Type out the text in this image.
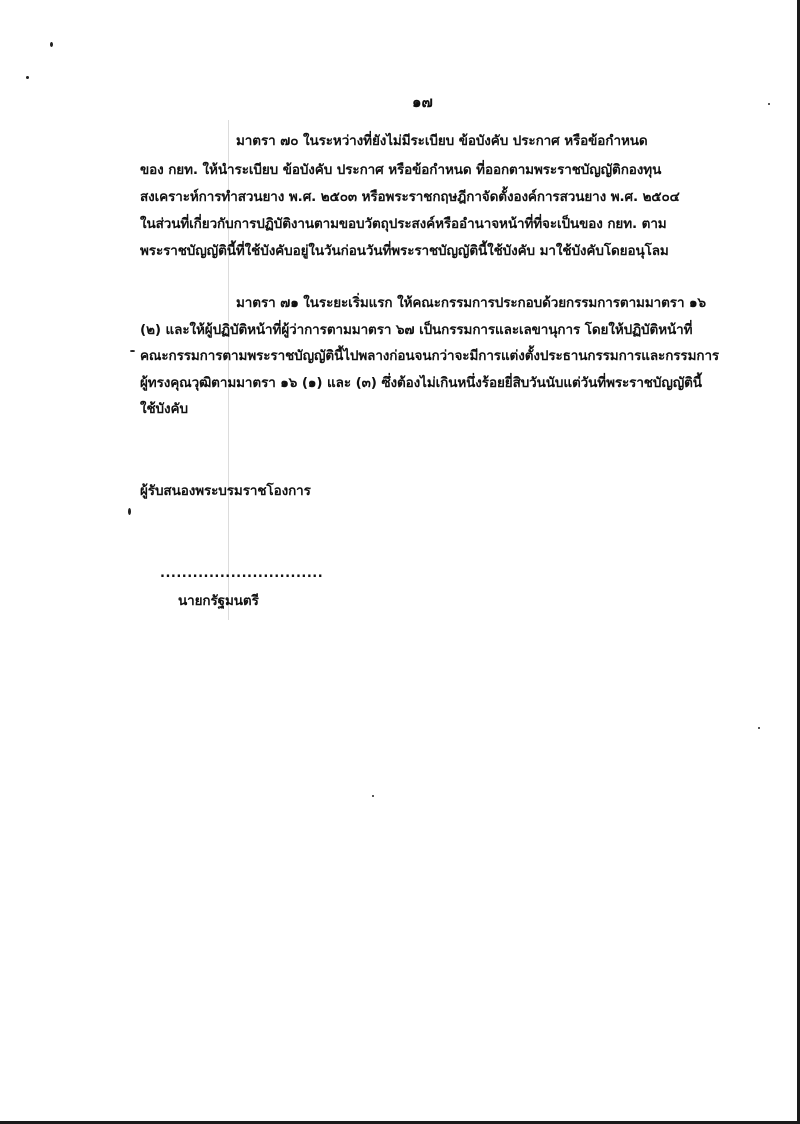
๑๗
มาตรา ๗๐ ในระหว่างที่ยังไม่มีระเบียบ ข้อบังคับ ประกาศ หรือข้อกำหนด
ของ กยท. ให้นำระเบียบ ข้อบังคับ ประกาศ หรือข้อกำหนด ที่ออกตามพระราชบัญญัติกองทุน
สงเคราะห์การทำสวนยาง พ.ศ. ๒๕๐๓ หรือพระราชกฤษฎีกาจัดตั้งองค์การสวนยาง พ.ศ. ๒๕๐๔
ในส่วนที่เกี่ยวกับการปฏิบัติงานตามขอบวัตถุประสงค์หรืออำนาจหน้าที่ที่จะเป็นของ กยท. ตาม
พระราชบัญญัตินี้ที่ใช้บังคับอยู่ในวันก่อนวันที่พระราชบัญญัตินี้ใช้บังคับ มาใช้บังคับโดยอนุโลม
มาตรา ๗๑ ในระยะเริ่มแรก ให้คณะกรรมการประกอบด้วยกรรมการตามมาตรา ๑๖
(๒) และให้ผู้ปฏิบัติหน้าที่ผู้ว่าการตามมาตรา ๖๗ เป็นกรรมการและเลขานุการ โดยให้ปฏิบัติหน้าที่
คณะกรรมการตามพระราชบัญญัตินี้ไปพลางก่อนจนกว่าจะมีการแต่งตั้งประธานกรรมการและกรรมการ
ผู้ทรงคุณวุฒิตามมาตรา ๑๖ (๑) และ (๓) ซึ่งต้องไม่เกินหนึ่งร้อยยี่สิบวันนับแต่วันที่พระราชบัญญัตินี้
ใช้บังคับ
ผู้รับสนองพระบรมราชโองการ
..............................
นายกรัฐมนตรี
